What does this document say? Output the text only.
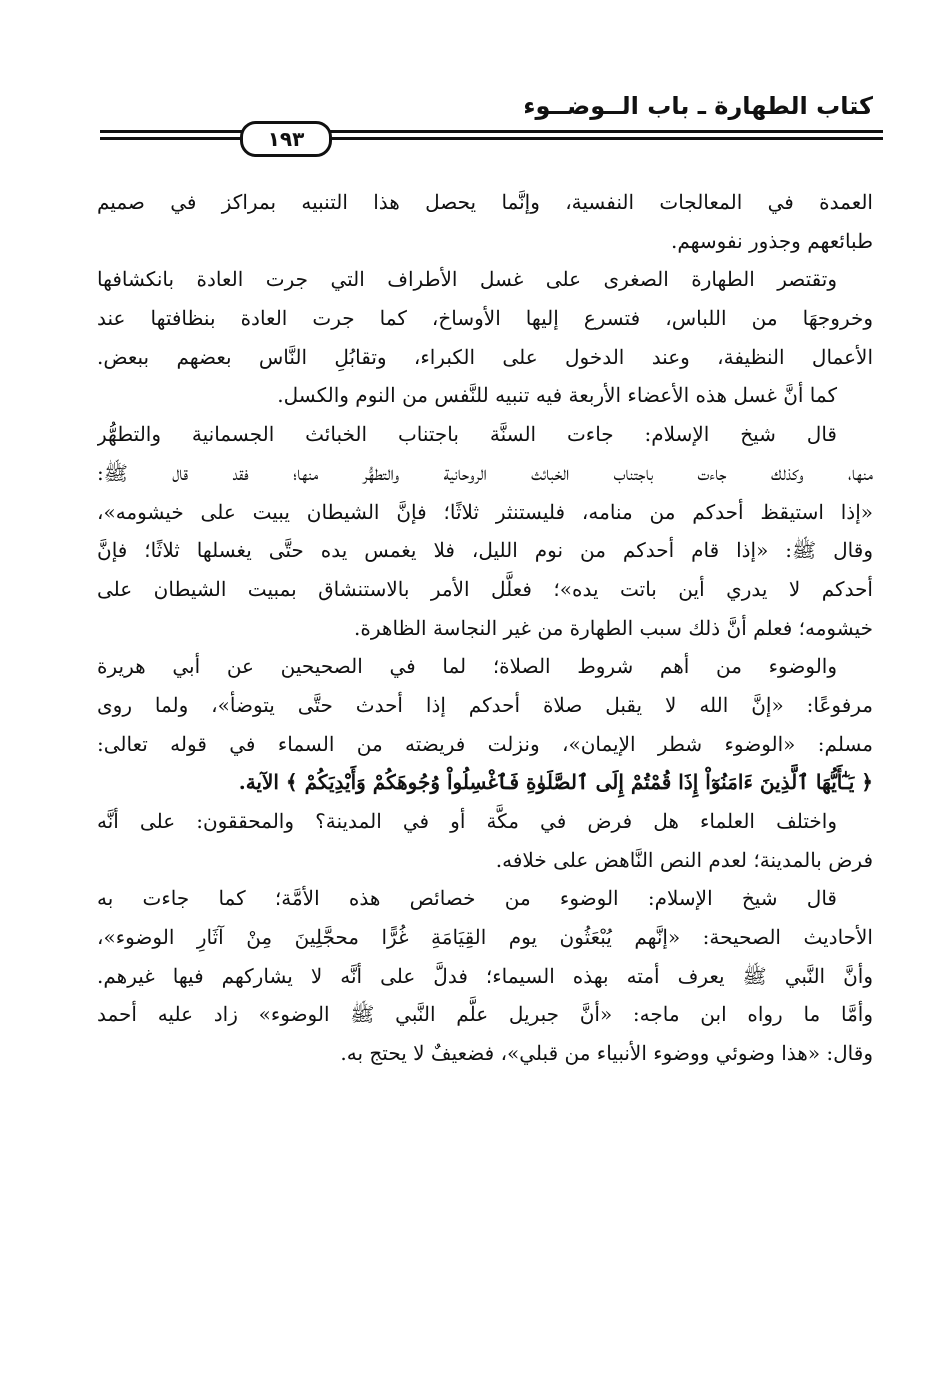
كتاب الطهارة ـ باب الــوضــوء
١٩٣
العمدة في المعالجات النفسية، وإنَّما يحصل هذا التنبيه بمراكز في صميم
طبائعهم وجذور نفوسهم.
وتقتصر الطهارة الصغرى على غسل الأطراف التي جرت العادة بانكشافها
وخروجهَا من اللباس، فتسرع إليها الأوساخ، كما جرت العادة بنظافتها عند
الأعمال النظيفة، وعند الدخول على الكبراء، وتقابُلِ النَّاس بعضهم ببعض.
كما أنَّ غسل هذه الأعضاء الأربعة فيه تنبيه للنَّفس من النوم والكسل.
قال شيخ الإسلام: جاءت السنَّة باجتناب الخبائث الجسمانية والتطهُّر
منها، وكذلك جاءت باجتناب الخبائث الروحانية والتطهُّر منها؛ فقد قال ﷺ:
«إذا استيقظ أحدكم من منامه، فليستنثر ثلاثًا؛ فإنَّ الشيطان يبيت على خيشومه»،
وقال ﷺ: «إذا قام أحدكم من نوم الليل، فلا يغمس يده حتَّى يغسلها ثلاثًا؛ فإنَّ
أحدكم لا يدري أين باتت يده»؛ فعلَّل الأمر بالاستنشاق بمبيت الشيطان على
خيشومه؛ فعلم أنَّ ذلك سبب الطهارة من غير النجاسة الظاهرة.
والوضوء من أهم شروط الصلاة؛ لما في الصحيحين عن أبي هريرة
مرفوعًا: «إنَّ الله لا يقبل صلاة أحدكم إذا أحدث حتَّى يتوضأ»، ولما روى
مسلم: «الوضوء شطر الإيمان»، ونزلت فريضته من السماء في قوله تعالى:
﴿ يَـٰٓأَيُّهَا ٱلَّذِينَ ءَامَنُوٓاْ إِذَا قُمْتُمْ إِلَى ٱلصَّلَوٰةِ فَٱغْسِلُواْ وُجُوهَكُمْ وَأَيْدِيَكُمْ ﴾ الآية.
واختلف العلماء هل فرض في مكَّة أو في المدينة؟ والمحققون: على أنَّه
فرض بالمدينة؛ لعدم النص النَّاهض على خلافه.
قال شيخ الإسلام: الوضوء من خصائص هذه الأمَّة؛ كما جاءت به
الأحاديث الصحيحة: «إنَّهم يُبْعَثُون يوم القِيَامَةِ غُرًّا محجَّلِينَ مِنْ آثَارِ الوضوء»،
وأنَّ النَّبي ﷺ يعرف أمته بهذه السيماء؛ فدلَّ على أنَّه لا يشاركهم فيها غيرهم.
وأمَّا ما رواه ابن ماجه: «أنَّ جبريل علَّم النَّبي ﷺ الوضوء» زاد عليه أحمد
وقال: «هذا وضوئي ووضوء الأنبياء من قبلي»، فضعيفٌ لا يحتج به.
